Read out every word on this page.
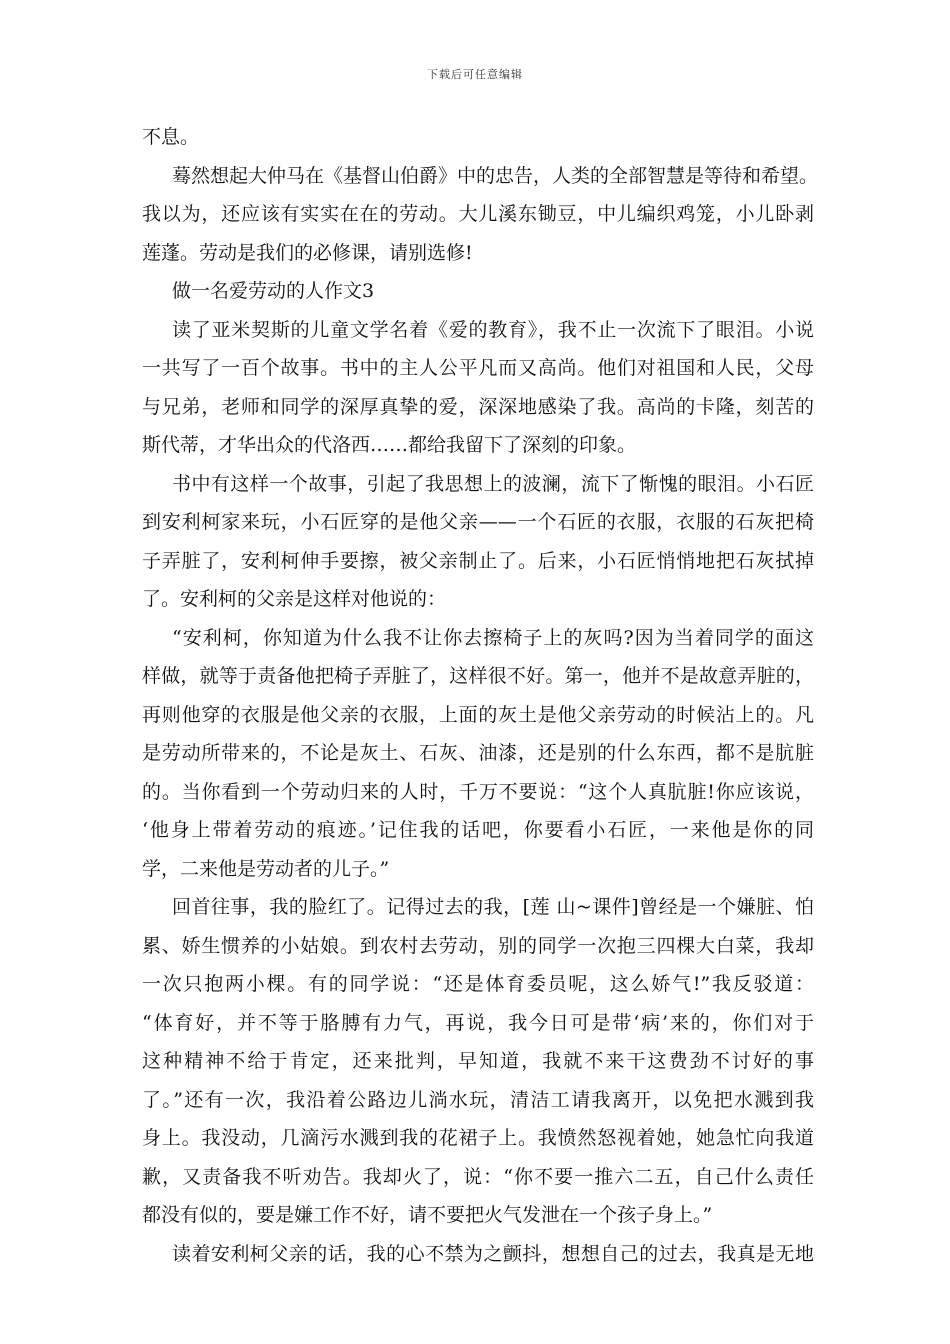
下载后可任意编辑
不息。
蓦然想起大仲马在《基督山伯爵》中的忠告，人类的全部智慧是等待和希望。
我以为，还应该有实实在在的劳动。大儿溪东锄豆，中儿编织鸡笼，小儿卧剥
莲蓬。劳动是我们的必修课，请别选修!
做一名爱劳动的人作文3
读了亚米契斯的儿童文学名着《爱的教育》，我不止一次流下了眼泪。小说
一共写了一百个故事。书中的主人公平凡而又高尚。他们对祖国和人民，父母
与兄弟，老师和同学的深厚真挚的爱，深深地感染了我。高尚的卡隆，刻苦的
斯代蒂，才华出众的代洛西……都给我留下了深刻的印象。
书中有这样一个故事，引起了我思想上的波澜，流下了惭愧的眼泪。小石匠
到安利柯家来玩，小石匠穿的是他父亲——一个石匠的衣服，衣服的石灰把椅
子弄脏了，安利柯伸手要擦，被父亲制止了。后来，小石匠悄悄地把石灰拭掉
了。安利柯的父亲是这样对他说的：
“安利柯，你知道为什么我不让你去擦椅子上的灰吗?因为当着同学的面这
样做，就等于责备他把椅子弄脏了，这样很不好。第一，他并不是故意弄脏的，
再则他穿的衣服是他父亲的衣服，上面的灰土是他父亲劳动的时候沾上的。凡
是劳动所带来的，不论是灰土、石灰、油漆，还是别的什么东西，都不是肮脏
的。当你看到一个劳动归来的人时，千万不要说：“这个人真肮脏!你应该说，
‘他身上带着劳动的痕迹。’记住我的话吧，你要看小石匠，一来他是你的同
学，二来他是劳动者的儿子。”
回首往事，我的脸红了。记得过去的我，[莲 山~课件]曾经是一个嫌脏、怕
累、娇生惯养的小姑娘。到农村去劳动，别的同学一次抱三四棵大白菜，我却
一次只抱两小棵。有的同学说：“还是体育委员呢，这么娇气!”我反驳道：
“体育好，并不等于胳膊有力气，再说，我今日可是带‘病’来的，你们对于
这种精神不给于肯定，还来批判，早知道，我就不来干这费劲不讨好的事
了。”还有一次，我沿着公路边儿淌水玩，清洁工请我离开，以免把水溅到我
身上。我没动，几滴污水溅到我的花裙子上。我愤然怒视着她，她急忙向我道
歉，又责备我不听劝告。我却火了，说：“你不要一推六二五，自己什么责任
都没有似的，要是嫌工作不好，请不要把火气发泄在一个孩子身上。”
读着安利柯父亲的话，我的心不禁为之颤抖，想想自己的过去，我真是无地
